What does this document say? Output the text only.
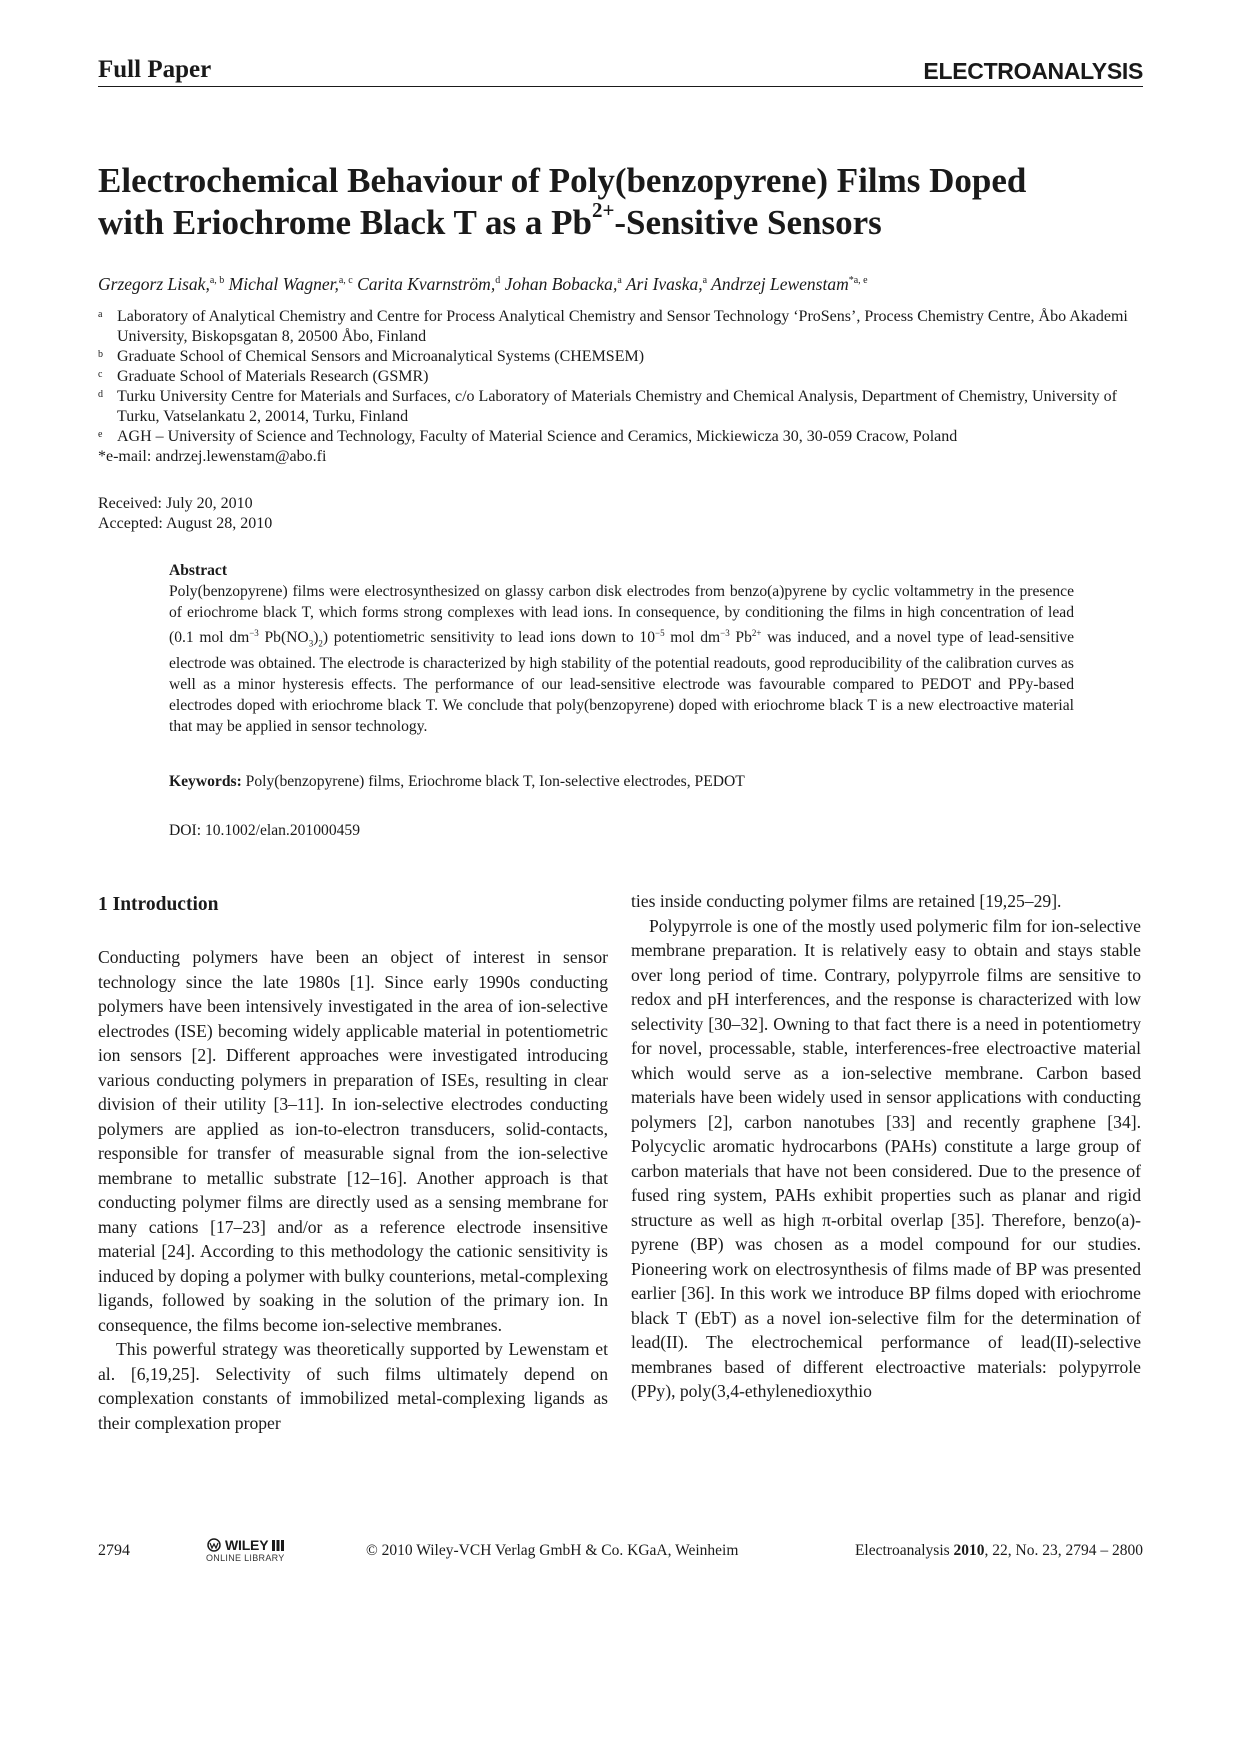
Full Paper	ELECTROANALYSIS
Electrochemical Behaviour of Poly(benzopyrene) Films Doped
with Eriochrome Black T as a $Pb^{2+}$-Sensitive Sensors
Grzegorz Lisak,$^{a, b}$ Michal Wagner,$^{a, c}$ Carita Kvarnström,$^d$ Johan Bobacka,$^a$ Ari Ivaska,$^a$ Andrzej Lewenstam$^{*a, e}$
a Laboratory of Analytical Chemistry and Centre for Process Analytical Chemistry and Sensor Technology ‘ProSens’, Process Chemistry Centre, Åbo Akademi University, Biskopsgatan 8, 20500 Åbo, Finland
b Graduate School of Chemical Sensors and Microanalytical Systems (CHEMSEM)
c Graduate School of Materials Research (GSMR)
d Turku University Centre for Materials and Surfaces, c/o Laboratory of Materials Chemistry and Chemical Analysis, Department of Chemistry, University of Turku, Vatselankatu 2, 20014, Turku, Finland
e AGH – University of Science and Technology, Faculty of Material Science and Ceramics, Mickiewicza 30, 30-059 Cracow, Poland
*e-mail: andrzej.lewenstam@abo.fi
Received: July 20, 2010
Accepted: August 28, 2010
Abstract
Poly(benzopyrene) films were electrosynthesized on glassy carbon disk electrodes from benzo(a)pyrene by cyclic voltammetry in the presence of eriochrome black T, which forms strong complexes with lead ions. In consequence, by conditioning the films in high concentration of lead (0.1 mol $dm^{-3}$ $Pb(NO_3)_2$) potentiometric sensitivity to lead ions down to $10^{-5}$ mol $dm^{-3}$ $Pb^{2+}$ was induced, and a novel type of lead-sensitive electrode was obtained. The electrode is characterized by high stability of the potential readouts, good reproducibility of the calibration curves as well as a minor hysteresis effects. The performance of our lead-sensitive electrode was favourable compared to PEDOT and PPy-based electrodes doped with eriochrome black T. We conclude that poly(benzopyrene) doped with eriochrome black T is a new electroactive material that may be applied in sensor technology.
Keywords: Poly(benzopyrene) films, Eriochrome black T, Ion-selective electrodes, PEDOT
DOI: 10.1002/elan.201000459
1 Introduction

Conducting polymers have been an object of interest in sensor technology since the late 1980s [1]. Since early 1990s conducting polymers have been intensively investigated in the area of ion-selective electrodes (ISE) becoming widely applicable material in potentiometric ion sensors [2]. Different approaches were investigated introducing various conducting polymers in preparation of ISEs, resulting in clear division of their utility [3–11]. In ion-selective electrodes conducting polymers are applied as ion-to-electron transducers, solid-contacts, responsible for transfer of measurable signal from the ion-selective membrane to metallic substrate [12–16]. Another approach is that conducting polymer films are directly used as a sensing membrane for many cations [17–23] and/or as a reference electrode insensitive material [24]. According to this methodology the cationic sensitivity is induced by doping a polymer with bulky counterions, metal-complexing ligands, followed by soaking in the solution of the primary ion. In consequence, the films become ion-selective membranes.

This powerful strategy was theoretically supported by Lewenstam et al. [6,19,25]. Selectivity of such films ultimately depend on complexation constants of immobilized metal-complexing ligands as their complexation proper

ties inside conducting polymer films are retained [19,25–29].

Polypyrrole is one of the mostly used polymeric film for ion-selective membrane preparation. It is relatively easy to obtain and stays stable over long period of time. Contrary, polypyrrole films are sensitive to redox and pH interferences, and the response is characterized with low selectivity [30–32]. Owning to that fact there is a need in potentiometry for novel, processable, stable, interferences-free electroactive material which would serve as a ion-selective membrane. Carbon based materials have been widely used in sensor applications with conducting polymers [2], carbon nanotubes [33] and recently graphene [34]. Polycyclic aromatic hydrocarbons (PAHs) constitute a large group of carbon materials that have not been considered. Due to the presence of fused ring system, PAHs exhibit properties such as planar and rigid structure as well as high π-orbital overlap [35]. Therefore, benzo(a)-pyrene (BP) was chosen as a model compound for our studies. Pioneering work on electrosynthesis of films made of BP was presented earlier [36]. In this work we introduce BP films doped with eriochrome black T (EbT) as a novel ion-selective film for the determination of lead(II). The electrochemical performance of lead(II)-selective membranes based of different electroactive materials: polypyrrole (PPy), poly(3,4-ethylenedioxythio

2794	WILEY
ONLINE LIBRARY	© 2010 Wiley-VCH Verlag GmbH & Co. KGaA, Weinheim	Electroanalysis 2010, 22, No. 23, 2794 – 2800
